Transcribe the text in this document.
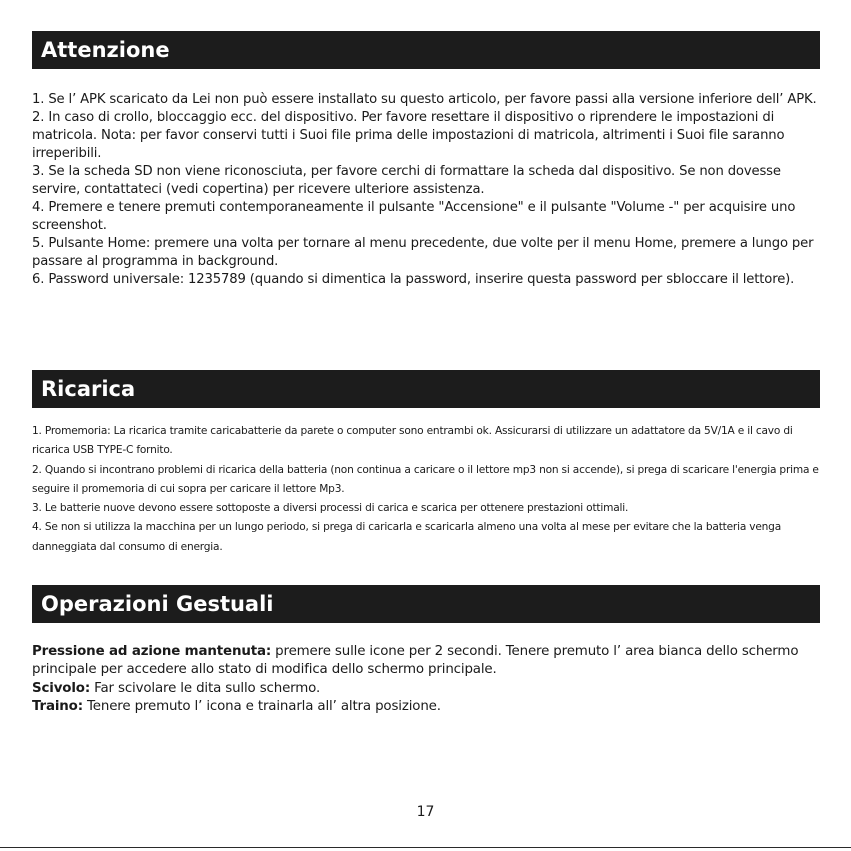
Attenzione

1. Se l’ APK scaricato da Lei non può essere installato su questo articolo, per favore passi alla versione inferiore dell’ APK.

2. In caso di crollo, bloccaggio ecc. del dispositivo. Per favore resettare il dispositivo o riprendere le impostazioni di matricola. Nota: per favor conservi tutti i Suoi file prima delle impostazioni di matricola, altrimenti i Suoi file saranno irreperibili.

3. Se la scheda SD non viene riconosciuta, per favore cerchi di formattare la scheda dal dispositivo. Se non dovesse servire, contattateci (vedi copertina) per ricevere ulteriore assistenza.

4. Premere e tenere premuti contemporaneamente il pulsante "Accensione" e il pulsante "Volume -" per acquisire uno screenshot.

5. Pulsante Home: premere una volta per tornare al menu precedente, due volte per il menu Home, premere a lungo per passare al programma in background.

6. Password universale: 1235789 (quando si dimentica la password, inserire questa password per sbloccare il lettore).

Ricarica

1. Promemoria: La ricarica tramite caricabatterie da parete o computer sono entrambi ok. Assicurarsi di utilizzare un adattatore da 5V/1A e il cavo di ricarica USB TYPE-C fornito.

2. Quando si incontrano problemi di ricarica della batteria (non continua a caricare o il lettore mp3 non si accende), si prega di scaricare l'energia prima e seguire il promemoria di cui sopra per caricare il lettore Mp3.

3. Le batterie nuove devono essere sottoposte a diversi processi di carica e scarica per ottenere prestazioni ottimali.

4. Se non si utilizza la macchina per un lungo periodo, si prega di caricarla e scaricarla almeno una volta al mese per evitare che la batteria venga danneggiata dal consumo di energia.

Operazioni Gestuali

Pressione ad azione mantenuta: premere sulle icone per 2 secondi. Tenere premuto l’ area bianca dello schermo principale per accedere allo stato di modifica dello schermo principale.

Scivolo: Far scivolare le dita sullo schermo.

Traino: Tenere premuto l’ icona e trainarla all’ altra posizione.

17
